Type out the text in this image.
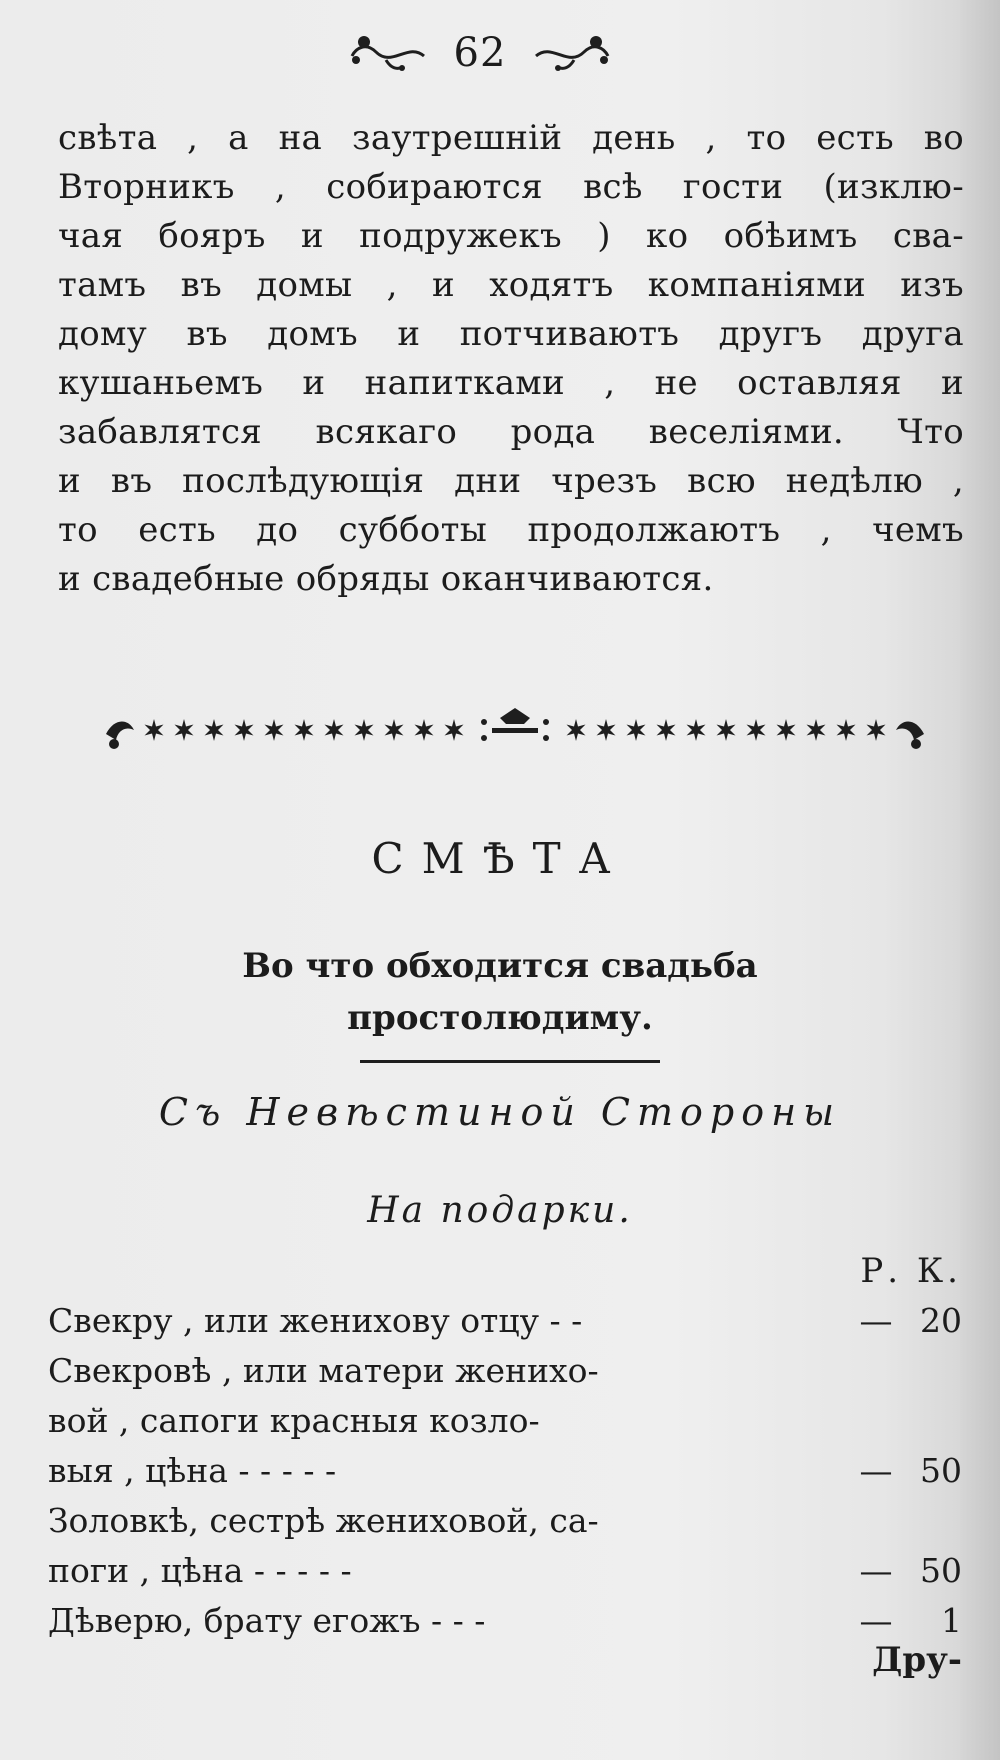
62
свѣта , а на заутрешній день , то есть во
Вторникъ , собираются всѣ гости (изклю-
чая бояръ и подружекъ ) ко обѣимъ сва-
тамъ въ домы , и ходятъ компаніями изъ
дому въ домъ и потчиваютъ другъ друга
кушаньемъ и напитками , не оставляя и
забавлятся всякаго рода веселіями. Что
и въ послѣдующія дни чрезъ всю недѣлю ,
то есть до субботы продолжаютъ , чемъ
и свадебные обряды оканчиваются.
СМѢТА
Во что обходится свадьба
простолюдиму.
Съ Невѣстиной Стороны
На подарки.
Р. К.
Свекру , или женихову отцу - -	— 20
Свекровѣ , или матери женихо-
вой , сапоги красныя козло-
выя , цѣна - - - - -	— 50
Золовкѣ, сестрѣ жениховой, са-
поги , цѣна - - - - -	— 50
Дѣверю, брату егожъ - - -	—	1
Дру-
